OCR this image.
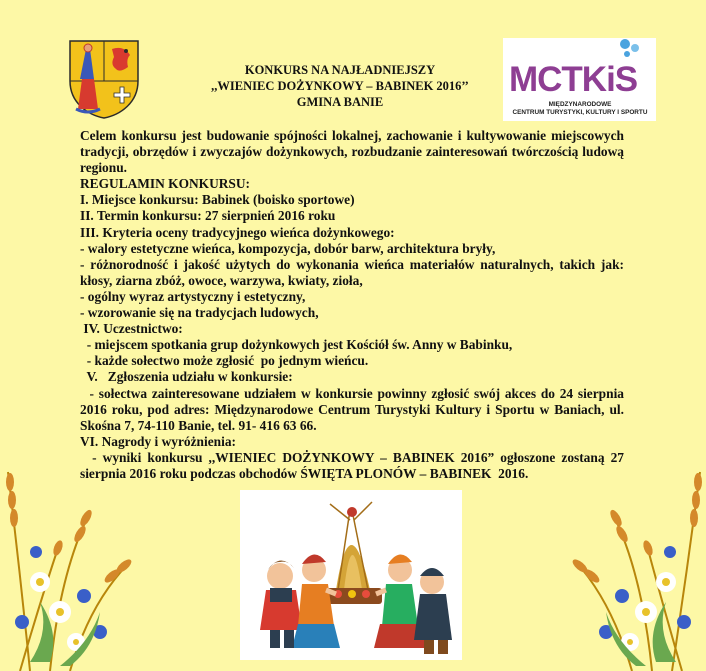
KONKURS NA NAJŁADNIEJSZY
,,WIENIEC DOŻYNKOWY – BABINEK 2016’’
GMINA BANIE
MCTKiS
MIĘDZYNARODOWE
CENTRUM TURYSTYKI, KULTURY I SPORTU

Celem konkursu jest budowanie spójności lokalnej, zachowanie i kultywowanie miejscowych tradycji, obrzędów i zwyczajów dożynkowych, rozbudzanie zainteresowań twórczością ludową regionu.

REGULAMIN KONKURSU:

I. Miejsce konkursu: Babinek (boisko sportowe)

II. Termin konkursu: 27 sierpnień 2016 roku

III. Kryteria oceny tradycyjnego wieńca dożynkowego:

- walory estetyczne wieńca, kompozycja, dobór barw, architektura bryły,

- różnorodność i jakość użytych do wykonania wieńca materiałów naturalnych, takich jak: kłosy, ziarna zbóż, owoce, warzywa, kwiaty, zioła,

- ogólny wyraz artystyczny i estetyczny,

- wzorowanie się na tradycjach ludowych,

IV. Uczestnictwo:

- miejscem spotkania grup dożynkowych jest Kościół św. Anny w Babinku,

- każde sołectwo może zgłosić  po jednym wieńcu.

V.   Zgłoszenia udziału w konkursie:

- sołectwa zainteresowane udziałem w konkursie powinny zgłosić swój akces do 24 sierpnia 2016 roku, pod adres: Międzynarodowe Centrum Turystyki Kultury i Sportu w Baniach, ul. Skośna 7, 74-110 Banie, tel. 91- 416 63 66.

VI. Nagrody i wyróżnienia:

- wyniki konkursu ,,WIENIEC DOŻYNKOWY – BABINEK 2016” ogłoszone zostaną 27 sierpnia 2016 roku podczas obchodów ŚWIĘTA PLONÓW – BABINEK  2016.
